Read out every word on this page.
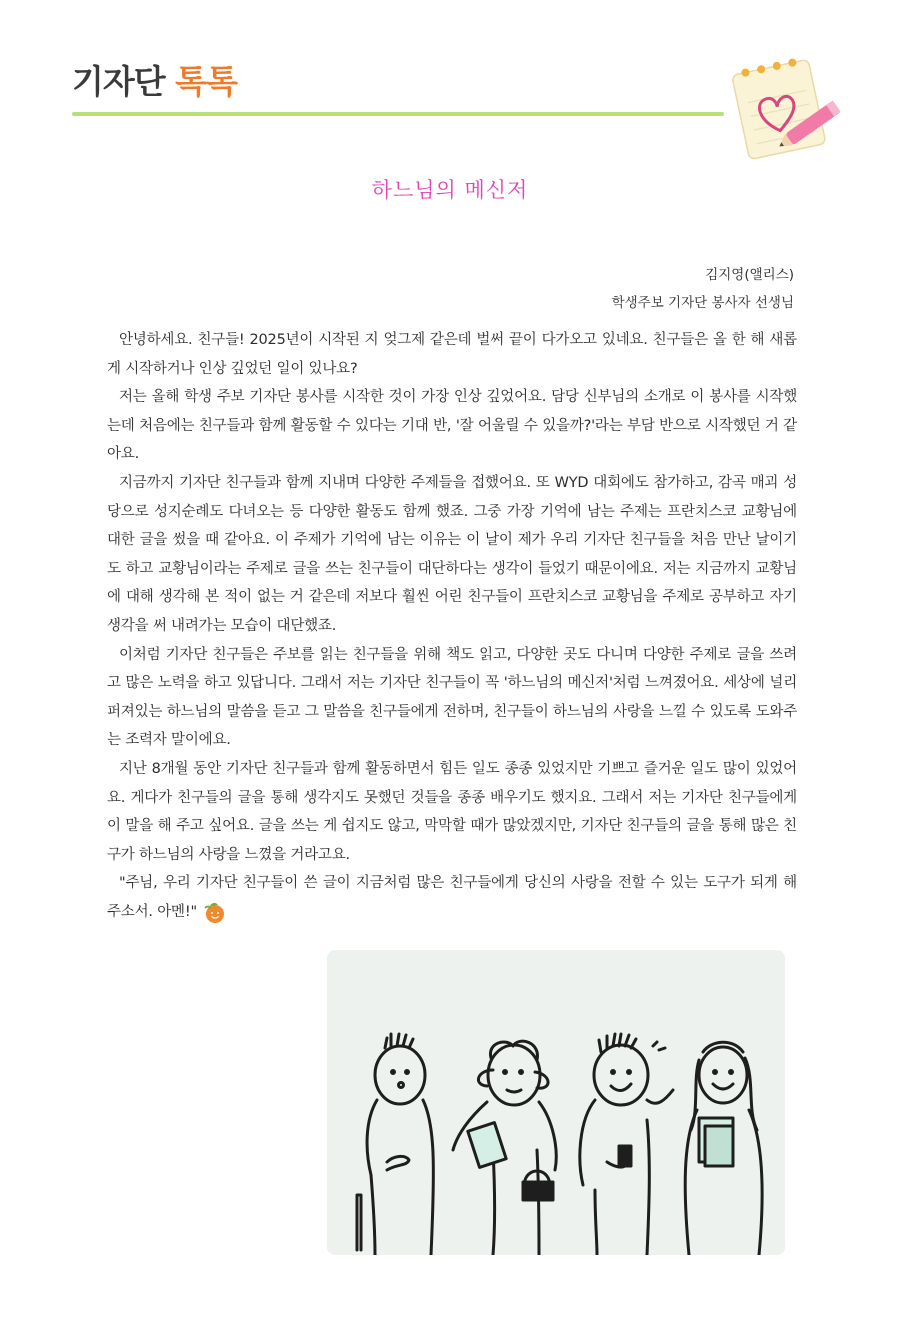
기자단 톡톡
하느님의 메신저
김지영(앨리스)
학생주보 기자단 봉사자 선생님

안녕하세요. 친구들! 2025년이 시작된 지 엊그제 같은데 벌써 끝이 다가오고 있네요. 친구들은 올 한 해 새롭게 시작하거나 인상 깊었던 일이 있나요?

저는 올해 학생 주보 기자단 봉사를 시작한 것이 가장 인상 깊었어요. 담당 신부님의 소개로 이 봉사를 시작했는데 처음에는 친구들과 함께 활동할 수 있다는 기대 반, '잘 어울릴 수 있을까?'라는 부담 반으로 시작했던 거 같아요.

지금까지 기자단 친구들과 함께 지내며 다양한 주제들을 접했어요. 또 WYD 대회에도 참가하고, 감곡 매괴 성당으로 성지순례도 다녀오는 등 다양한 활동도 함께 했죠. 그중 가장 기억에 남는 주제는 프란치스코 교황님에 대한 글을 썼을 때 같아요. 이 주제가 기억에 남는 이유는 이 날이 제가 우리 기자단 친구들을 처음 만난 날이기도 하고 교황님이라는 주제로 글을 쓰는 친구들이 대단하다는 생각이 들었기 때문이에요. 저는 지금까지 교황님에 대해 생각해 본 적이 없는 거 같은데 저보다 훨씬 어린 친구들이 프란치스코 교황님을 주제로 공부하고 자기 생각을 써 내려가는 모습이 대단했죠.

이처럼 기자단 친구들은 주보를 읽는 친구들을 위해 책도 읽고, 다양한 곳도 다니며 다양한 주제로 글을 쓰려고 많은 노력을 하고 있답니다. 그래서 저는 기자단 친구들이 꼭 '하느님의 메신저'처럼 느껴졌어요. 세상에 널리 퍼져있는 하느님의 말씀을 듣고 그 말씀을 친구들에게 전하며, 친구들이 하느님의 사랑을 느낄 수 있도록 도와주는 조력자 말이에요.

지난 8개월 동안 기자단 친구들과 함께 활동하면서 힘든 일도 종종 있었지만 기쁘고 즐거운 일도 많이 있었어요. 게다가 친구들의 글을 통해 생각지도 못했던 것들을 종종 배우기도 했지요. 그래서 저는 기자단 친구들에게 이 말을 해 주고 싶어요. 글을 쓰는 게 쉽지도 않고, 막막할 때가 많았겠지만, 기자단 친구들의 글을 통해 많은 친구가 하느님의 사랑을 느꼈을 거라고요.

"주님, 우리 기자단 친구들이 쓴 글이 지금처럼 많은 친구들에게 당신의 사랑을 전할 수 있는 도구가 되게 해 주소서. 아멘!"
